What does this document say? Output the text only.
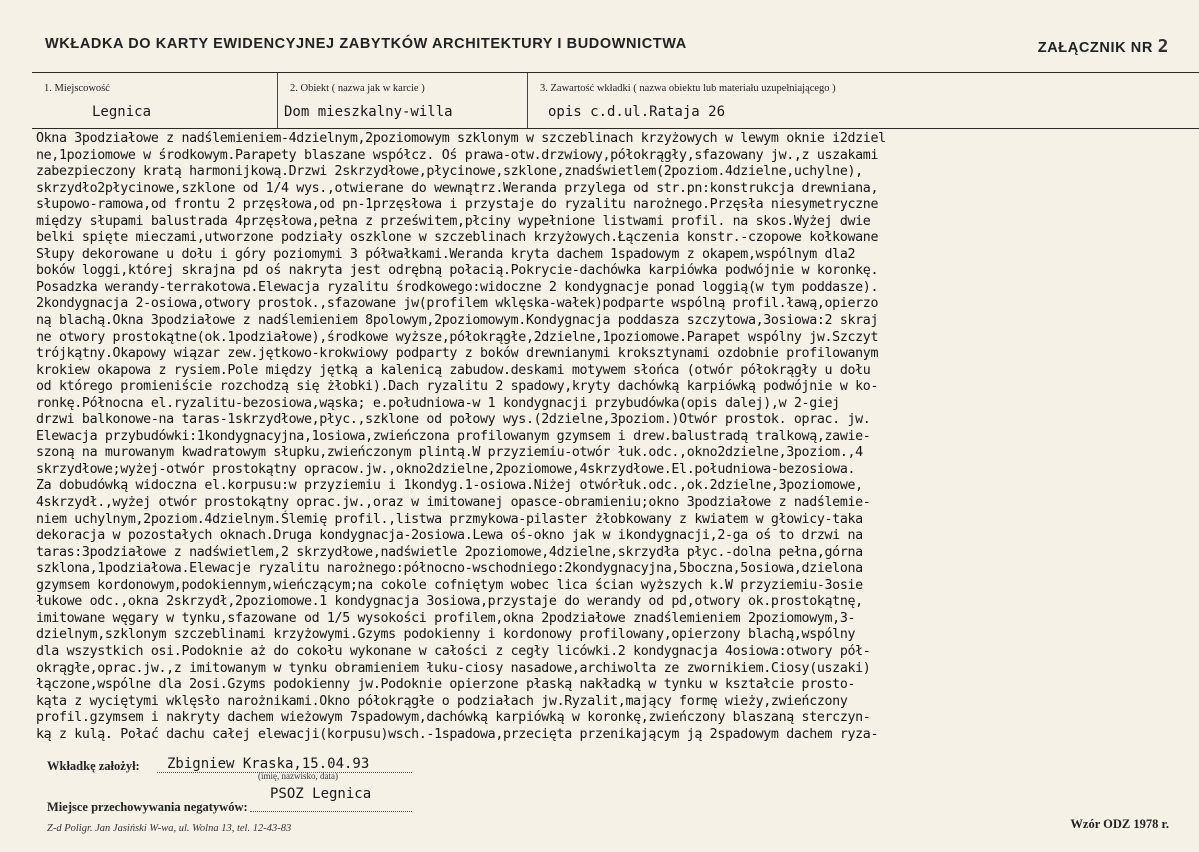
WKŁADKA DO KARTY EWIDENCYJNEJ ZABYTKÓW ARCHITEKTURY I BUDOWNICTWA	ZAŁĄCZNIK NR 2
1. Miejscowość
Legnica
2. Obiekt ( nazwa jak w karcie )
Dom mieszkalny-willa
3. Zawartość wkładki ( nazwa obiektu lub materiału uzupełniającego )
opis c.d.ul.Rataja 26
Okna 3podziałowe z nadślemieniem-4dzielnym,2poziomowym szklonym w szczeblinach krzyżowych w lewym oknie i2dziel
ne,1poziomowe w środkowym.Parapety blaszane współcz. Oś prawa-otw.drzwiowy,półokrągły,sfazowany jw.,z uszakami
zabezpieczony kratą harmonijkową.Drzwi 2skrzydłowe,płycinowe,szklone,znadświetlem(2poziom.4dzielne,uchylne),
skrzydło2płycinowe,szklone od 1/4 wys.,otwierane do wewnątrz.Weranda przylega od str.pn:konstrukcja drewniana,
słupowo-ramowa,od frontu 2 przęsłowa,od pn-1przęsłowa i przystaje do ryzalitu narożnego.Przęsła niesymetryczne
między słupami balustrada 4przęsłowa,pełna z prześwitem,płciny wypełnione listwami profil. na skos.Wyżej dwie
belki spięte mieczami,utworzone podziały oszklone w szczeblinach krzyżowych.Łączenia konstr.-czopowe kołkowane
Słupy dekorowane u dołu i góry poziomymi 3 półwałkami.Weranda kryta dachem 1spadowym z okapem,wspólnym dla2
boków loggi,której skrajna pd oś nakryta jest odrębną połacią.Pokrycie-dachówka karpiówka podwójnie w koronkę.
Posadzka werandy-terrakotowa.Elewacja ryzalitu środkowego:widoczne 2 kondygnacje ponad loggią(w tym poddasze).
2kondygnacja 2-osiowa,otwory prostok.,sfazowane jw(profilem wklęska-wałek)podparte wspólną profil.ławą,opierzo
ną blachą.Okna 3podziałowe z nadślemieniem 8polowym,2poziomowym.Kondygnacja poddasza szczytowa,3osiowa:2 skraj
ne otwory prostokątne(ok.1podziałowe),środkowe wyższe,półokrągłe,2dzielne,1poziomowe.Parapet wspólny jw.Szczyt
trójkątny.Okapowy wiązar zew.jętkowo-krokwiowy podparty z boków drewnianymi kroksztynami ozdobnie profilowanym
krokiew okapowa z rysiem.Pole między jętką a kalenicą zabudow.deskami motywem słońca (otwór półokrągły u dołu
od którego promieniście rozchodzą się żłobki).Dach ryzalitu 2 spadowy,kryty dachówką karpiówką podwójnie w ko-
ronkę.Północna el.ryzalitu-bezosiowa,wąska; e.południowa-w 1 kondygnacji przybudówka(opis dalej),w 2-giej
drzwi balkonowe-na taras-1skrzydłowe,płyc.,szklone od połowy wys.(2dzielne,3poziom.)Otwór prostok. oprac. jw.
Elewacja przybudówki:1kondygnacyjna,1osiowa,zwieńczona profilowanym gzymsem i drew.balustradą tralkową,zawie-
szoną na murowanym kwadratowym słupku,zwieńczonym plintą.W przyziemiu-otwór łuk.odc.,okno2dzielne,3poziom.,4
skrzydłowe;wyżej-otwór prostokątny opracow.jw.,okno2dzielne,2poziomowe,4skrzydłowe.El.południowa-bezosiowa.
Za dobudówką widoczna el.korpusu:w przyziemiu i 1kondyg.1-osiowa.Niżej otwórłuk.odc.,ok.2dzielne,3poziomowe,
4skrzydł.,wyżej otwór prostokątny oprac.jw.,oraz w imitowanej opasce-obramieniu;okno 3podziałowe z nadślemie-
niem uchylnym,2poziom.4dzielnym.Ślemię profil.,listwa przmykowa-pilaster żłobkowany z kwiatem w głowicy-taka
dekoracja w pozostałych oknach.Druga kondygnacja-2osiowa.Lewa oś-okno jak w ikondygnacji,2-ga oś to drzwi na
taras:3podziałowe z nadświetlem,2 skrzydłowe,nadświetle 2poziomowe,4dzielne,skrzydła płyc.-dolna pełna,górna
szklona,1podziałowa.Elewacje ryzalitu narożnego:północno-wschodniego:2kondygnacyjna,5boczna,5osiowa,dzielona
gzymsem kordonowym,podokiennym,wieńczącym;na cokole cofniętym wobec lica ścian wyższych k.W przyziemiu-3osie
łukowe odc.,okna 2skrzydł,2poziomowe.1 kondygnacja 3osiowa,przystaje do werandy od pd,otwory ok.prostokątnę,
imitowane węgary w tynku,sfazowane od 1/5 wysokości profilem,okna 2podziałowe znadślemieniem 2poziomowym,3-
dzielnym,szklonym szczeblinami krzyżowymi.Gzyms podokienny i kordonowy profilowany,opierzony blachą,wspólny
dla wszystkich osi.Podoknie aż do cokołu wykonane w całości z cegły licówki.2 kondygnacja 4osiowa:otwory pół-
okrągłe,oprac.jw.,z imitowanym w tynku obramieniem łuku-ciosy nasadowe,archiwolta ze zwornikiem.Ciosy(uszaki)
łączone,wspólne dla 2osi.Gzyms podokienny jw.Podoknie opierzone płaską nakładką w tynku w kształcie prosto-
kąta z wyciętymi wklęsło narożnikami.Okno półokrągłe o podziałach jw.Ryzalit,mający formę wieży,zwieńczony
profil.gzymsem i nakryty dachem wieżowym 7spadowym,dachówką karpiówką w koronkę,zwieńczony blaszaną sterczyn-
ką z kulą. Połać dachu całej elewacji(korpusu)wsch.-1spadowa,przecięta przenikającym ją 2spadowym dachem ryza-
Wkładkę założył: Zbigniew Kraska,15.04.93
(imię, nazwisko, data)
PSOZ Legnica
Miejsce przechowywania negatywów:
Z-d Poligr. Jan Jasiński W-wa, ul. Wolna 13, tel. 12-43-83	Wzór ODZ 1978 r.
